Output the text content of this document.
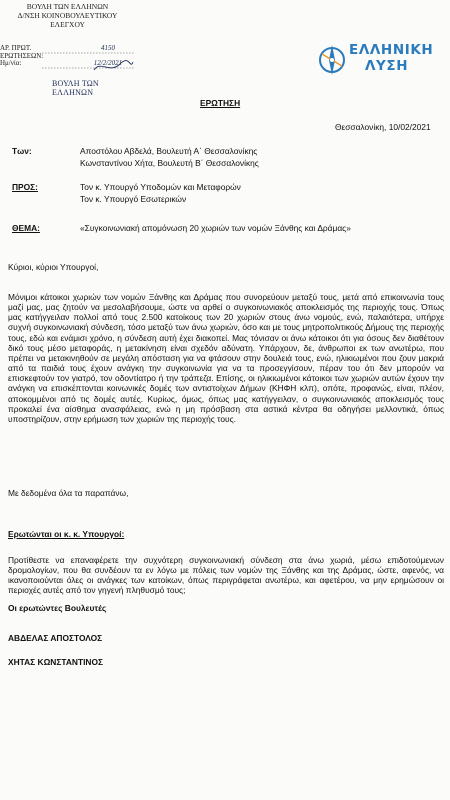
ΒΟΥΛΗ ΤΩΝ ΕΛΛΗΝΩΝ
Δ/ΝΣΗ ΚΟΙΝΟΒΟΥΛΕΥΤΙΚΟΥ ΕΛΕΓΧΟΥ
ΑΡ. ΠΡΩΤ. ΕΡΩΤΗΣΕΩΝ:
4150
Ημ/νία:	12/2/2021
ΒΟΥΛΗ ΤΩΝ ΕΛΛΗΝΩΝ
ΕΛΛΗΝΙΚΗ
ΛΥΣΗ
ΕΡΩΤΗΣΗ
Θεσσαλονίκη, 10/02/2021
Των:	Αποστόλου Αβδελά, Βουλευτή Α΄ Θεσσαλονίκης
Κωνσταντίνου Χήτα, Βουλευτή Β΄ Θεσσαλονίκης
ΠΡΟΣ:	Τον κ. Υπουργό Υποδομών και Μεταφορών
Τον κ. Υπουργό Εσωτερικών
ΘΕΜΑ:	«Συγκοινωνιακή απομόνωση 20 χωριών των νομών Ξάνθης και Δράμας»
Κύριοι, κύριοι Υπουργοί,

Μόνιμοι κάτοικοι χωριών των νομών Ξάνθης και Δράμας που συνορεύουν μεταξύ τους, μετά από επικοινωνία τους μαζί μας, μας ζητούν να μεσολαβήσουμε, ώστε να αρθεί ο συγκοινωνιακός αποκλεισμός της περιοχής τους. Όπως μας κατήγγειλαν πολλοί από τους 2.500 κατοίκους των 20 χωριών στους άνω νομούς, ενώ, παλαιότερα, υπήρχε συχνή συγκοινωνιακή σύνδεση, τόσο μεταξύ των άνω χωριών, όσο και με τους μητροπολιτικούς Δήμους της περιοχής τους, εδώ και ενάμισι χρόνο, η σύνδεση αυτή έχει διακοπεί. Μας τόνισαν οι άνω κάτοικοι ότι για όσους δεν διαθέτουν δικό τους μέσο μεταφοράς, η μετακίνηση είναι σχεδόν αδύνατη. Υπάρχουν, δε, άνθρωποι εκ των ανωτέρω, που πρέπει να μετακινηθούν σε μεγάλη απόσταση για να φτάσουν στην δουλειά τους, ενώ, ηλικιωμένοι που ζουν μακριά από τα παιδιά τους έχουν ανάγκη την συγκοινωνία για να τα προσεγγίσουν, πέραν του ότι δεν μπορούν να επισκεφτούν τον γιατρό, τον οδοντίατρο ή την τράπεζα. Επίσης, οι ηλικιωμένοι κάτοικοι των χωριών αυτών έχουν την ανάγκη να επισκέπτονται κοινωνικές δομές των αντιστοίχων Δήμων (ΚΗΦΗ κλπ), οπότε, προφανώς, είναι, πλέον, αποκομμένοι από τις δομές αυτές. Κυρίως, όμως, όπως μας κατήγγειλαν, ο συγκοινωνιακός αποκλεισμός τους προκαλεί ένα αίσθημα ανασφάλειας, ενώ η μη πρόσβαση στα αστικά κέντρα θα οδηγήσει μελλοντικά, όπως υποστηρίζουν, στην ερήμωση των χωριών της περιοχής τους.

Με δεδομένα όλα τα παραπάνω,
Ερωτώνται οι κ. κ. Υπουργοί:

Προτίθεστε να επαναφέρετε την συχνότερη συγκοινωνιακή σύνδεση στα άνω χωριά, μέσω επιδοτούμενων δρομολογίων, που θα συνδέουν τα εν λόγω με πόλεις των νομών της Ξάνθης και της Δράμας, ώστε, αφενός, να ικανοποιούνται όλες οι ανάγκες των κατοίκων, όπως περιγράφεται ανωτέρω, και αφετέρου, να μην ερημώσουν οι περιοχές αυτές από τον γηγενή πληθυσμό τους;

Οι ερωτώντες Βουλευτές
ΑΒΔΕΛΑΣ ΑΠΟΣΤΟΛΟΣ
ΧΗΤΑΣ ΚΩΝΣΤΑΝΤΙΝΟΣ
